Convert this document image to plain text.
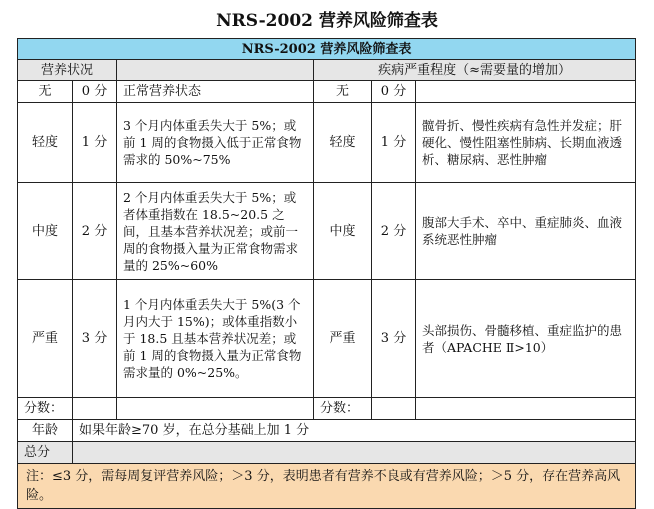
NRS-2002 营养风险筛查表
NRS-2002 营养风险筛查表					
营养状况			疾病严重程度（≈需要量的增加）		
无	0 分	正常营养状态	无	0 分	
轻度	1 分	3 个月内体重丢失大于 5%；或前 1 周的食物摄入低于正常食物需求的 50%~75%	轻度	1 分	髋骨折、慢性疾病有急性并发症；肝硬化、慢性阻塞性肺病、长期血液透析、糖尿病、恶性肿瘤
中度	2 分	2 个月内体重丢失大于 5%；或者体重指数在 18.5~20.5 之间，且基本营养状况差；或前一周的食物摄入量为正常食物需求量的 25%~60%	中度	2 分	腹部大手术、卒中、重症肺炎、血液系统恶性肿瘤
严重	3 分	1 个月内体重丢失大于 5%(3 个月内大于 15%)；或体重指数小于 18.5 且基本营养状况差；或前 1 周的食物摄入量为正常食物需求量的 0%~25%。	严重	3 分	头部损伤、骨髓移植、重症监护的患者（APACHE Ⅱ>10）
分数：			分数：		
年龄	如果年龄≥70 岁，在总分基础上加 1 分				
总分					
注：≤3 分，需每周复评营养风险；＞3 分，表明患者有营养不良或有营养风险；＞5 分，存在营养高风险。					
